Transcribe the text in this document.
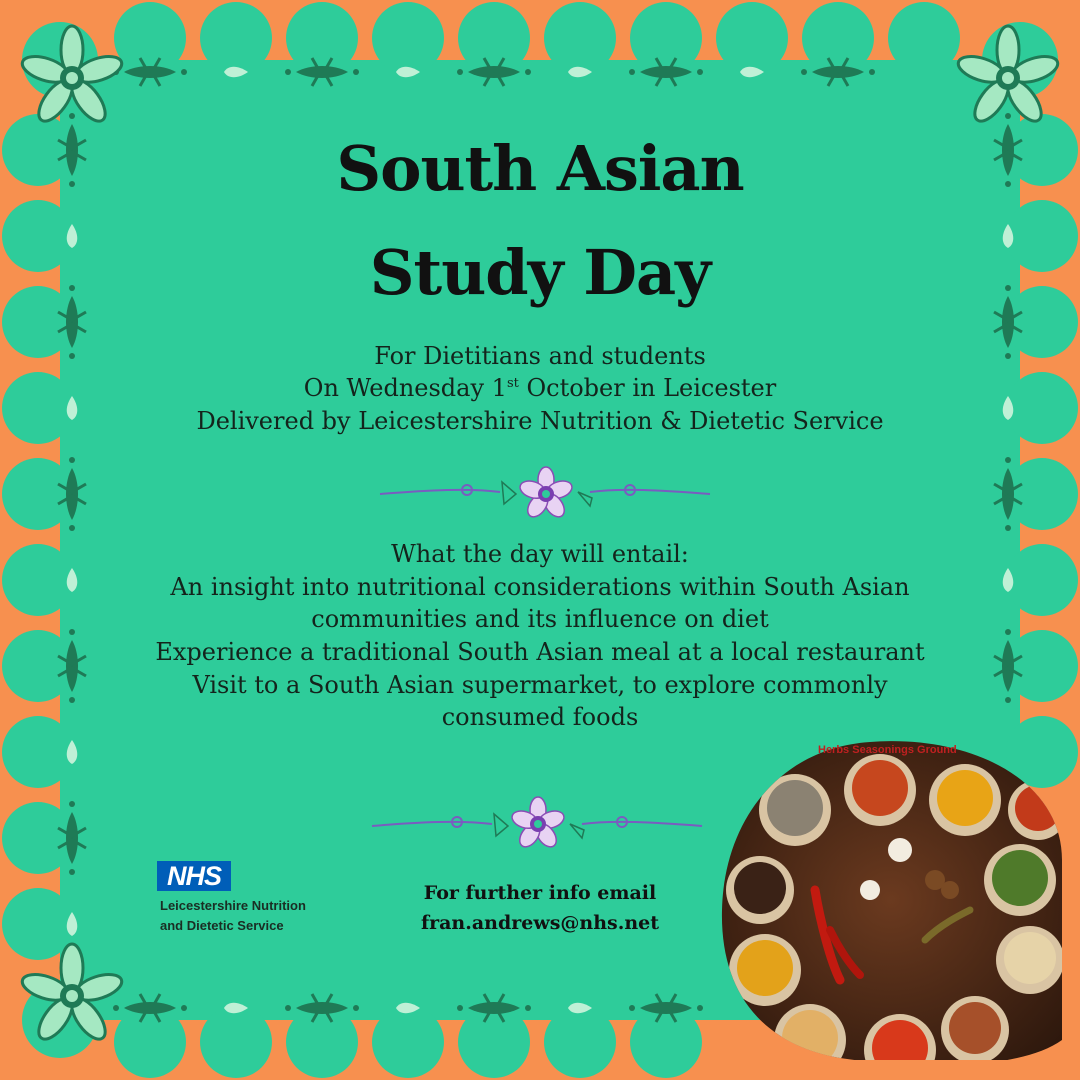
South Asian
Study Day
For Dietitians and students
On Wednesday 1st October in Leicester
Delivered by Leicestershire Nutrition & Dietetic Service
What the day will entail:
An insight into nutritional considerations within South Asian
communities and its influence on diet
Experience a traditional South Asian meal at a local restaurant
Visit to a South Asian supermarket, to explore commonly
consumed foods
NHS
Leicestershire Nutrition
and Dietetic Service
For further info email
fran.andrews@nhs.net
Herbs Seasonings Ground
